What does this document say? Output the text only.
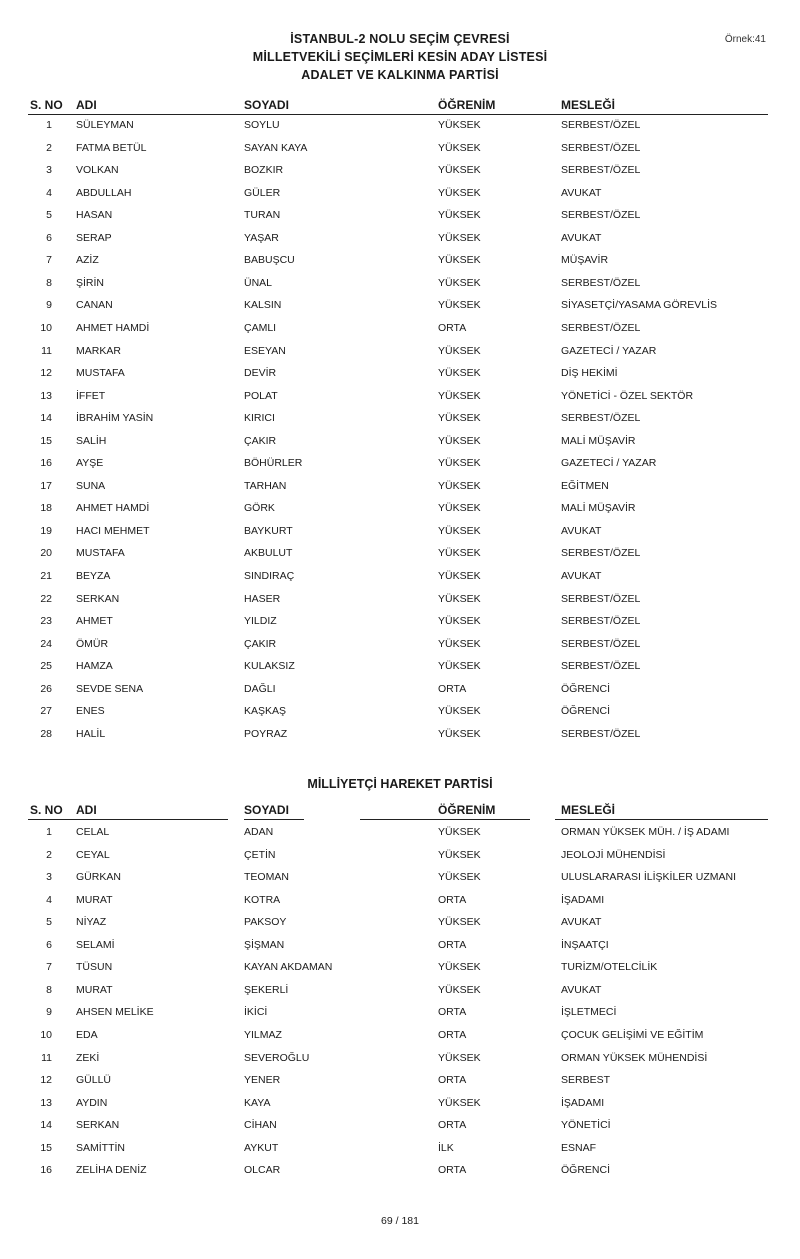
Örnek:41
İSTANBUL-2 NOLU SEÇİM ÇEVRESİ
MİLLETVEKİLİ SEÇİMLERİ KESİN ADAY LİSTESİ
ADALET VE KALKINMA PARTİSİ
S. NO ADI	SOYADI	ÖĞRENİM	MESLEĞİ
1 SÜLEYMAN	SOYLU	YÜKSEK	SERBEST/ÖZEL
2 FATMA BETÜL	SAYAN KAYA	YÜKSEK	SERBEST/ÖZEL
3 VOLKAN	BOZKIR	YÜKSEK	SERBEST/ÖZEL
4 ABDULLAH	GÜLER	YÜKSEK	AVUKAT
5 HASAN	TURAN	YÜKSEK	SERBEST/ÖZEL
6 SERAP	YAŞAR	YÜKSEK	AVUKAT
7 AZİZ	BABUŞCU	YÜKSEK	MÜŞAVİR
8 ŞİRİN	ÜNAL	YÜKSEK	SERBEST/ÖZEL
9 CANAN	KALSIN	YÜKSEK	SİYASETÇİ/YASAMA GÖREVLİS
10 AHMET HAMDİ	ÇAMLI	ORTA	SERBEST/ÖZEL
11 MARKAR	ESEYAN	YÜKSEK	GAZETECİ / YAZAR
12 MUSTAFA	DEVİR	YÜKSEK	DİŞ HEKİMİ
13 İFFET	POLAT	YÜKSEK	YÖNETİCİ - ÖZEL SEKTÖR
14 İBRAHİM YASİN	KIRICI	YÜKSEK	SERBEST/ÖZEL
15 SALİH	ÇAKIR	YÜKSEK	MALİ MÜŞAVİR
16 AYŞE	BÖHÜRLER	YÜKSEK	GAZETECİ / YAZAR
17 SUNA	TARHAN	YÜKSEK	EĞİTMEN
18 AHMET HAMDİ	GÖRK	YÜKSEK	MALİ MÜŞAVİR
19 HACI MEHMET	BAYKURT	YÜKSEK	AVUKAT
20 MUSTAFA	AKBULUT	YÜKSEK	SERBEST/ÖZEL
21 BEYZA	SINDIRAÇ	YÜKSEK	AVUKAT
22 SERKAN	HASER	YÜKSEK	SERBEST/ÖZEL
23 AHMET	YILDIZ	YÜKSEK	SERBEST/ÖZEL
24 ÖMÜR	ÇAKIR	YÜKSEK	SERBEST/ÖZEL
25 HAMZA	KULAKSIZ	YÜKSEK	SERBEST/ÖZEL
26 SEVDE SENA	DAĞLI	ORTA	ÖĞRENCİ
27 ENES	KAŞKAŞ	YÜKSEK	ÖĞRENCİ
28 HALİL	POYRAZ	YÜKSEK	SERBEST/ÖZEL
MİLLİYETÇİ HAREKET PARTİSİ
S. NO ADI	SOYADI	ÖĞRENİM	MESLEĞİ
1 CELAL	ADAN	YÜKSEK	ORMAN YÜKSEK MÜH. / İŞ ADAMI
2 CEYAL	ÇETİN	YÜKSEK	JEOLOJİ MÜHENDİSİ
3 GÜRKAN	TEOMAN	YÜKSEK	ULUSLARARASI İLİŞKİLER UZMANI
4 MURAT	KOTRA	ORTA	İŞADAMI
5 NİYAZ	PAKSOY	YÜKSEK	AVUKAT
6 SELAMİ	ŞİŞMAN	ORTA	İNŞAATÇI
7 TÜSUN	KAYAN AKDAMAN	YÜKSEK	TURİZM/OTELCİLİK
8 MURAT	ŞEKERLİ	YÜKSEK	AVUKAT
9 AHSEN MELİKE	İKİCİ	ORTA	İŞLETMECİ
10 EDA	YILMAZ	ORTA	ÇOCUK GELİŞİMİ VE EĞİTİM
11 ZEKİ	SEVEROĞLU	YÜKSEK	ORMAN YÜKSEK MÜHENDİSİ
12 GÜLLÜ	YENER	ORTA	SERBEST
13 AYDIN	KAYA	YÜKSEK	İŞADAMI
14 SERKAN	CİHAN	ORTA	YÖNETİCİ
15 SAMİTTİN	AYKUT	İLK	ESNAF
16 ZELİHA DENİZ	OLCAR	ORTA	ÖĞRENCİ
69 / 181
